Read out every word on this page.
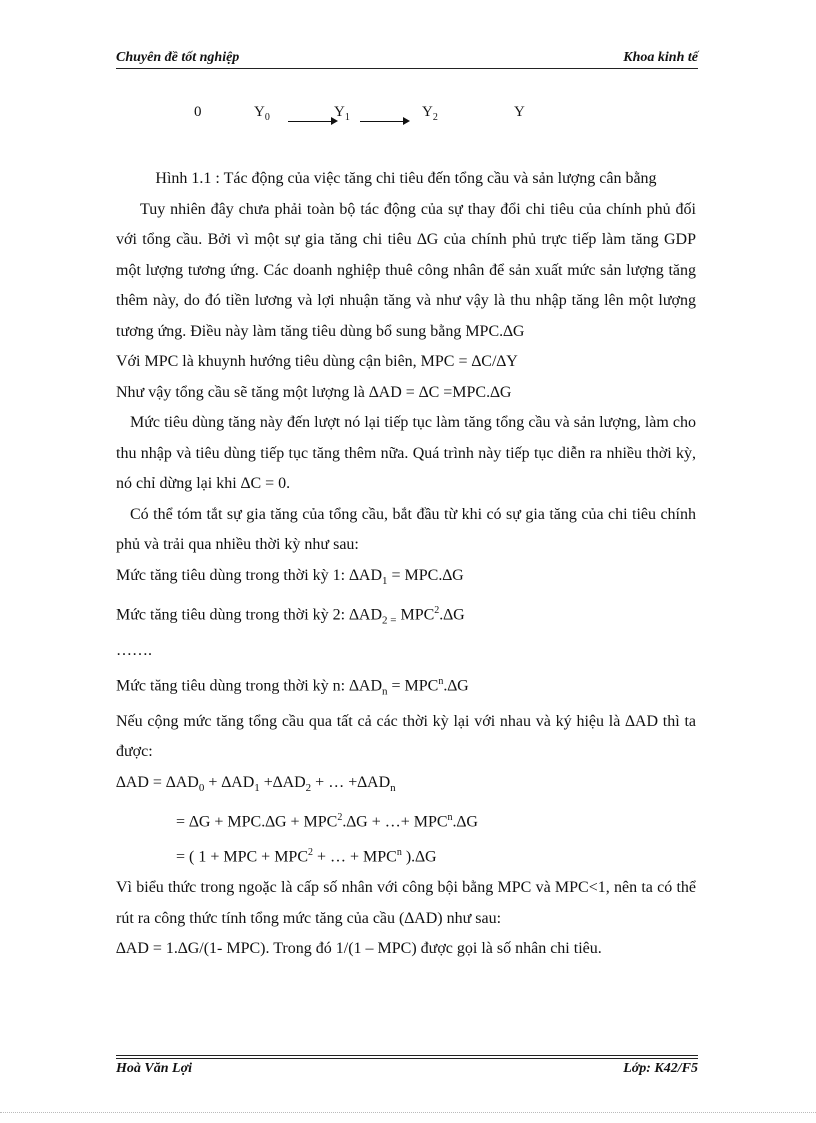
Chuyên đề tốt nghiệp	Khoa kinh tế
0	$Y_0$	$Y_1$	$Y_2$	Y

Hình 1.1 : Tác động của việc tăng chi tiêu đến tổng cầu và sản lượng cân bằng

Tuy nhiên đây chưa phải toàn bộ tác động của sự thay đổi chi tiêu của chính phủ đối với tổng cầu. Bởi vì một sự gia tăng chi tiêu ∆G của chính phủ trực tiếp làm tăng GDP một lượng tương ứng. Các doanh nghiệp thuê công nhân để sản xuất mức sản lượng tăng thêm này, do đó tiền lương và lợi nhuận tăng và như vậy là thu nhập tăng lên một lượng tương ứng. Điều này làm tăng tiêu dùng bổ sung bằng MPC.∆G

Với MPC là khuynh hướng tiêu dùng cận biên, MPC = ∆C/∆Y

Như vậy tổng cầu sẽ tăng một lượng là ∆AD = ∆C =MPC.∆G

Mức tiêu dùng tăng này đến lượt nó lại tiếp tục làm tăng tổng cầu và sản lượng, làm cho thu nhập và tiêu dùng tiếp tục tăng thêm nữa. Quá trình này tiếp tục diễn ra nhiều thời kỳ, nó chỉ dừng lại khi ∆C = 0.

Có thể tóm tắt sự gia tăng của tổng cầu, bắt đầu từ khi có sự gia tăng của chi tiêu chính phủ và trải qua nhiều thời kỳ như sau:

Mức tăng tiêu dùng trong thời kỳ 1: $\Delta AD_1 = MPC.\Delta G$

Mức tăng tiêu dùng trong thời kỳ 2: $\Delta AD_{2 =}$ MPC$^2$.∆G

…….

Mức tăng tiêu dùng trong thời kỳ n: $\Delta AD_n = MPC^n.\Delta G$

Nếu cộng mức tăng tổng cầu qua tất cả các thời kỳ lại với nhau và ký hiệu là ∆AD thì ta được:

$\Delta AD = \Delta AD_0 + \Delta AD_1 +\Delta AD_2$ + … $+\Delta AD_n$

= $\Delta G + MPC.\Delta G + MPC^2.\Delta G$ + …+ $MPC^n.\Delta G$

= ( 1 + MPC + $MPC^2$ + … + $MPC^n$ ).∆G

Vì biểu thức trong ngoặc là cấp số nhân với công bội bằng MPC và MPC<1, nên ta có thể rút ra công thức tính tổng mức tăng của cầu (∆AD) như sau:

∆AD = 1.∆G/(1- MPC). Trong đó 1/(1 – MPC) được gọi là số nhân chi tiêu.

Hoà Văn Lợi	Lớp: K42/F5
